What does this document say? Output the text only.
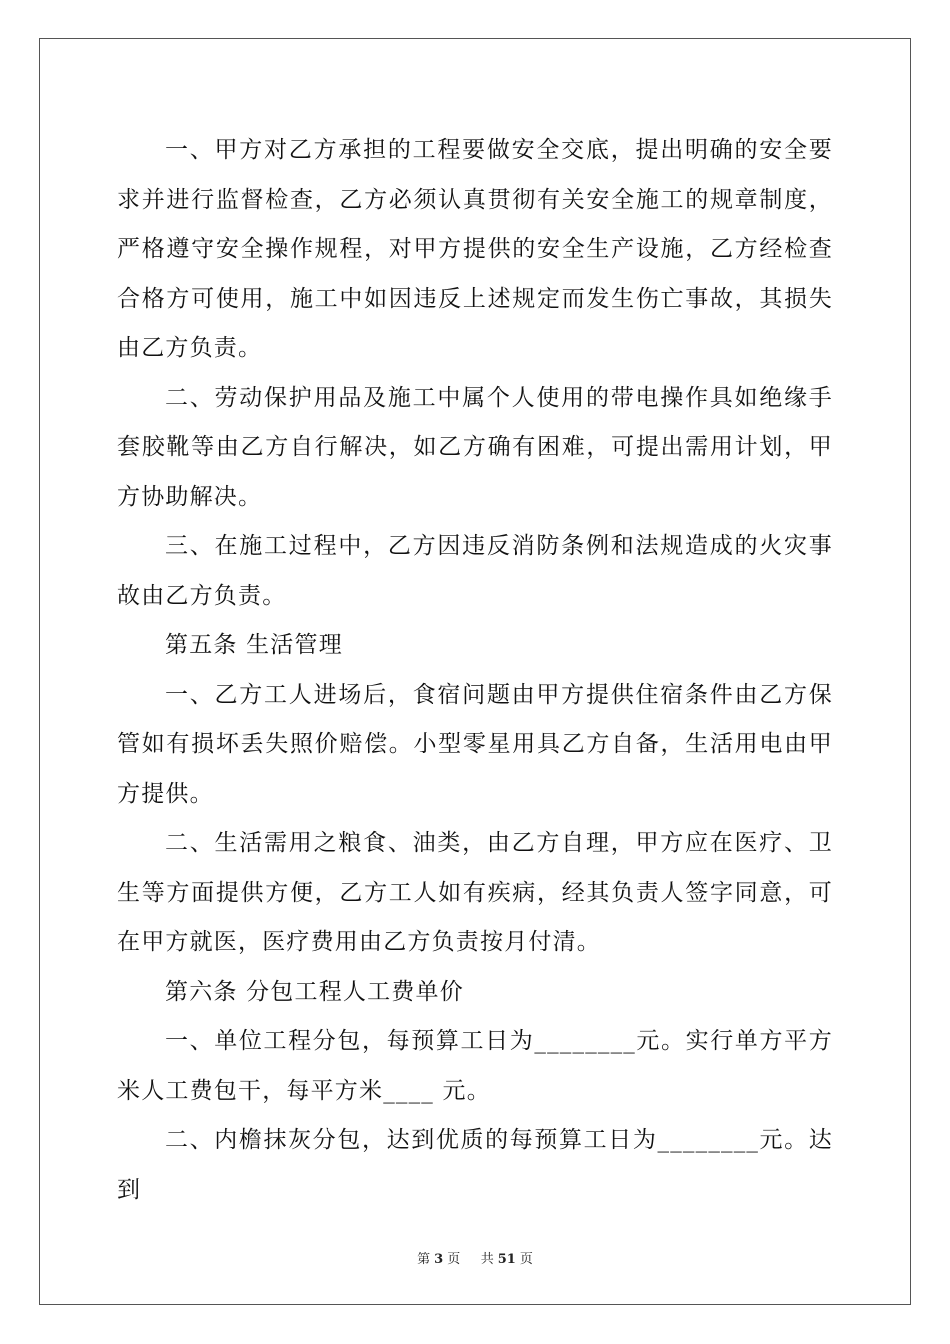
一、甲方对乙方承担的工程要做安全交底，提出明确的安全要求并进行监督检查，乙方必须认真贯彻有关安全施工的规章制度，严格遵守安全操作规程，对甲方提供的安全生产设施，乙方经检查合格方可使用，施工中如因违反上述规定而发生伤亡事故，其损失由乙方负责。

二、劳动保护用品及施工中属个人使用的带电操作具如绝缘手套胶靴等由乙方自行解决，如乙方确有困难，可提出需用计划，甲方协助解决。

三、在施工过程中，乙方因违反消防条例和法规造成的火灾事故由乙方负责。

第五条 生活管理

一、乙方工人进场后，食宿问题由甲方提供住宿条件由乙方保管如有损坏丢失照价赔偿。小型零星用具乙方自备，生活用电由甲方提供。

二、生活需用之粮食、油类，由乙方自理，甲方应在医疗、卫生等方面提供方便，乙方工人如有疾病，经其负责人签字同意，可在甲方就医，医疗费用由乙方负责按月付清。

第六条 分包工程人工费单价

一、单位工程分包，每预算工日为________元。实行单方平方米人工费包干，每平方米____ 元。

二、内檐抹灰分包，达到优质的每预算工日为________元。达到

第 3 页 共 51 页
